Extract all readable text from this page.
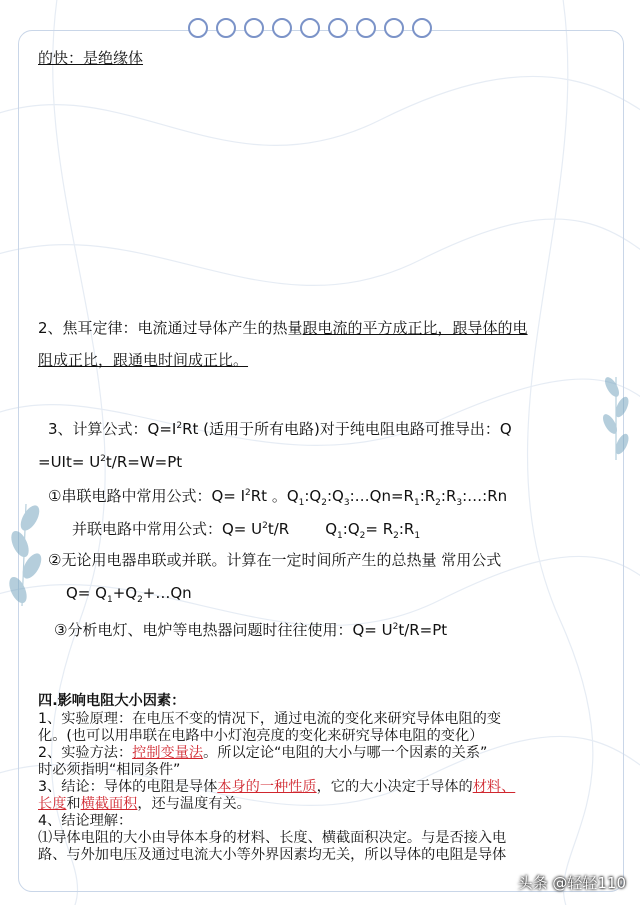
的快：是绝缘体
2、焦耳定律：电流通过导体产生的热量跟电流的平方成正比，跟导体的电
阻成正比，跟通电时间成正比。
3、计算公式：$Q=I^2Rt$ (适用于所有电路)对于纯电阻电路可推导出：Q
$=UIt= U^2t/R=W=Pt$
①串联电路中常用公式：$Q= I^2Rt$ 。$Q_1:Q_2:Q_3:\dots Qn=R_1:R_2:R_3:\dots:Rn$
并联电路中常用公式：$Q= U^2t/R$ $Q_1:Q_2=$ $R_2:R_1$
②无论用电器串联或并联。计算在一定时间所产生的总热量 常用公式
$Q= Q_1+Q_2+\dots Qn$
③分析电灯、电炉等电热器问题时往往使用：$Q= U^2t/R=Pt$
四.影响电阻大小因素：
1、实验原理：在电压不变的情况下，通过电流的变化来研究导体电阻的变
化。(也可以用串联在电路中小灯泡亮度的变化来研究导体电阻的变化）
2、实验方法：控制变量法。所以定论“电阻的大小与哪一个因素的关系”
时必须指明“相同条件”
3、结论：导体的电阻是导体本身的一种性质，它的大小决定于导体的材料、
长度和横截面积，还与温度有关。
4、结论理解：
⑴导体电阻的大小由导体本身的材料、长度、横截面积决定。与是否接入电
路、与外加电压及通过电流大小等外界因素均无关，所以导体的电阻是导体
头条 @轻轻110
